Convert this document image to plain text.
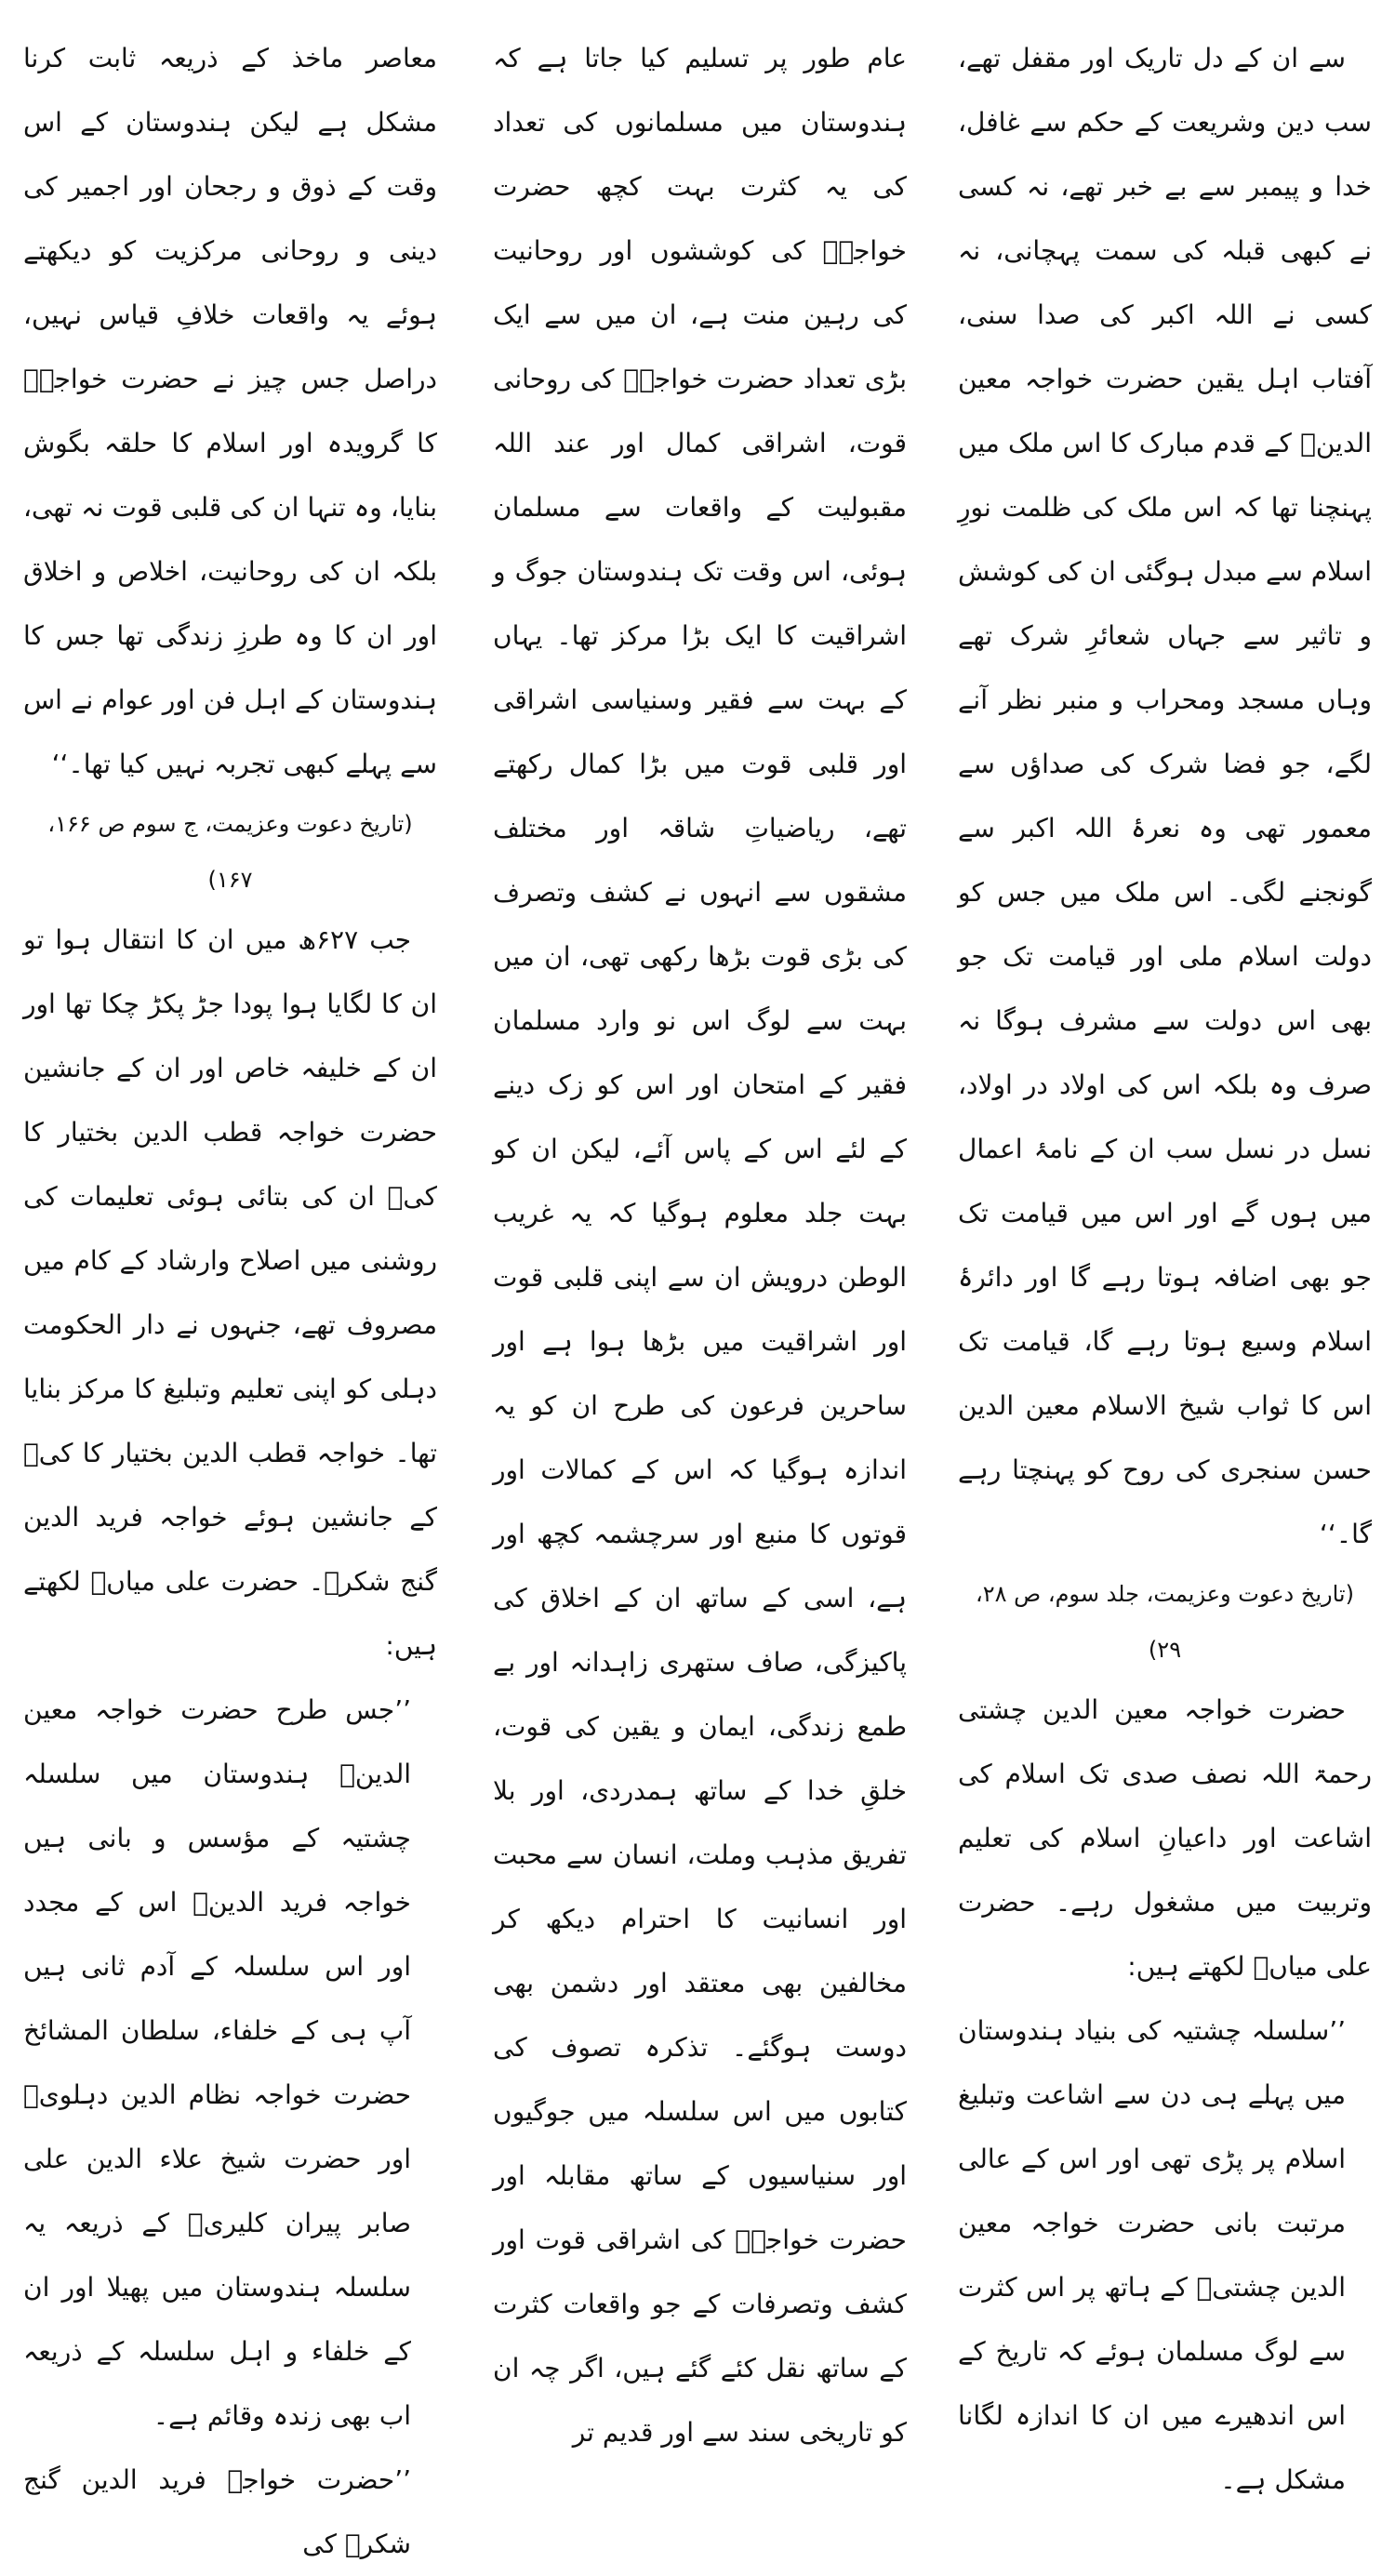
سے ان کے دل تاریک اور مقفل تھے، سب دین وشریعت کے حکم سے غافل، خدا و پیمبر سے بے خبر تھے، نہ کسی نے کبھی قبلہ کی سمت پہچانی، نہ کسی نے اللہ اکبر کی صدا سنی، آفتاب اہل یقین حضرت خواجہ معین الدینؒ کے قدم مبارک کا اس ملک میں پہنچنا تھا کہ اس ملک کی ظلمت نورِ اسلام سے مبدل ہوگئی ان کی کوشش و تاثیر سے جہاں شعائرِ شرک تھے وہاں مسجد ومحراب و منبر نظر آنے لگے، جو فضا شرک کی صداؤں سے معمور تھی وہ نعرۂ اللہ اکبر سے گونجنے لگی۔ اس ملک میں جس کو دولت اسلام ملی اور قیامت تک جو بھی اس دولت سے مشرف ہوگا نہ صرف وہ بلکہ اس کی اولاد در اولاد، نسل در نسل سب ان کے نامۂ اعمال میں ہوں گے اور اس میں قیامت تک جو بھی اضافہ ہوتا رہے گا اور دائرۂ اسلام وسیع ہوتا رہے گا، قیامت تک اس کا ثواب شیخ الاسلام معین الدین حسن سنجری کی روح کو پہنچتا رہے گا۔‘‘

(تاریخ دعوت وعزیمت، جلد سوم، ص ۲۸، ۲۹)

حضرت خواجہ معین الدین چشتی رحمۃ اللہ نصف صدی تک اسلام کی اشاعت اور داعیانِ اسلام کی تعلیم وتربیت میں مشغول رہے۔ حضرت علی میاںؒ لکھتے ہیں:

’’سلسلہ چشتیہ کی بنیاد ہندوستان میں پہلے ہی دن سے اشاعت وتبلیغ اسلام پر پڑی تھی اور اس کے عالی مرتبت بانی حضرت خواجہ معین الدین چشتیؒ کے ہاتھ پر اس کثرت سے لوگ مسلمان ہوئے کہ تاریخ کے اس اندھیرے میں ان کا اندازہ لگانا مشکل ہے۔

عام طور پر تسلیم کیا جاتا ہے کہ ہندوستان میں مسلمانوں کی تعداد کی یہ کثرت بہت کچھ حضرت خواجہؒ کی کوششوں اور روحانیت کی رہین منت ہے، ان میں سے ایک بڑی تعداد حضرت خواجہؒ کی روحانی قوت، اشراقی کمال اور عند اللہ مقبولیت کے واقعات سے مسلمان ہوئی، اس وقت تک ہندوستان جوگ و اشراقیت کا ایک بڑا مرکز تھا۔ یہاں کے بہت سے فقیر وسنیاسی اشراقی اور قلبی قوت میں بڑا کمال رکھتے تھے، ریاضیاتِ شاقہ اور مختلف مشقوں سے انہوں نے کشف وتصرف کی بڑی قوت بڑھا رکھی تھی، ان میں بہت سے لوگ اس نو وارد مسلمان فقیر کے امتحان اور اس کو زک دینے کے لئے اس کے پاس آئے، لیکن ان کو بہت جلد معلوم ہوگیا کہ یہ غریب الوطن درویش ان سے اپنی قلبی قوت اور اشراقیت میں بڑھا ہوا ہے اور ساحرین فرعون کی طرح ان کو یہ اندازہ ہوگیا کہ اس کے کمالات اور قوتوں کا منبع اور سرچشمہ کچھ اور ہے، اسی کے ساتھ ان کے اخلاق کی پاکیزگی، صاف ستھری زاہدانہ اور بے طمع زندگی، ایمان و یقین کی قوت، خلقِ خدا کے ساتھ ہمدردی، اور بلا تفریق مذہب وملت، انسان سے محبت اور انسانیت کا احترام دیکھ کر مخالفین بھی معتقد اور دشمن بھی دوست ہوگئے۔ تذکرہ تصوف کی کتابوں میں اس سلسلہ میں جوگیوں اور سنیاسیوں کے ساتھ مقابلہ اور حضرت خواجہؒ کی اشراقی قوت اور کشف وتصرفات کے جو واقعات کثرت کے ساتھ نقل کئے گئے ہیں، اگر چہ ان کو تاریخی سند سے اور قدیم تر

معاصر ماخذ کے ذریعہ ثابت کرنا مشکل ہے لیکن ہندوستان کے اس وقت کے ذوق و رجحان اور اجمیر کی دینی و روحانی مرکزیت کو دیکھتے ہوئے یہ واقعات خلافِ قیاس نہیں، دراصل جس چیز نے حضرت خواجہؒ کا گرویدہ اور اسلام کا حلقہ بگوش بنایا، وہ تنہا ان کی قلبی قوت نہ تھی، بلکہ ان کی روحانیت، اخلاص و اخلاق اور ان کا وہ طرزِ زندگی تھا جس کا ہندوستان کے اہل فن اور عوام نے اس سے پہلے کبھی تجربہ نہیں کیا تھا۔‘‘

(تاریخ دعوت وعزیمت، ج سوم ص ۱۶۶، ۱۶۷)

جب ۶۲۷ھ میں ان کا انتقال ہوا تو ان کا لگایا ہوا پودا جڑ پکڑ چکا تھا اور ان کے خلیفہ خاص اور ان کے جانشین حضرت خواجہ قطب الدین بختیار کا کیؒ ان کی بتائی ہوئی تعلیمات کی روشنی میں اصلاح وارشاد کے کام میں مصروف تھے، جنہوں نے دار الحکومت دہلی کو اپنی تعلیم وتبلیغ کا مرکز بنایا تھا۔ خواجہ قطب الدین بختیار کا کیؒ کے جانشین ہوئے خواجہ فرید الدین گنج شکرؒ۔ حضرت علی میاںؒ لکھتے ہیں:

’’جس طرح حضرت خواجہ معین الدینؒ ہندوستان میں سلسلہ چشتیہ کے مؤسس و بانی ہیں خواجہ فرید الدینؒ اس کے مجدد اور اس سلسلہ کے آدم ثانی ہیں آپ ہی کے خلفاء، سلطان المشائخ حضرت خواجہ نظام الدین دہلویؒ اور حضرت شیخ علاء الدین علی صابر پیران کلیریؒ کے ذریعہ یہ سلسلہ ہندوستان میں پھیلا اور ان کے خلفاء و اہل سلسلہ کے ذریعہ اب بھی زندہ وقائم ہے۔

’’حضرت خواجہ فرید الدین گنج شکرؒ کی
